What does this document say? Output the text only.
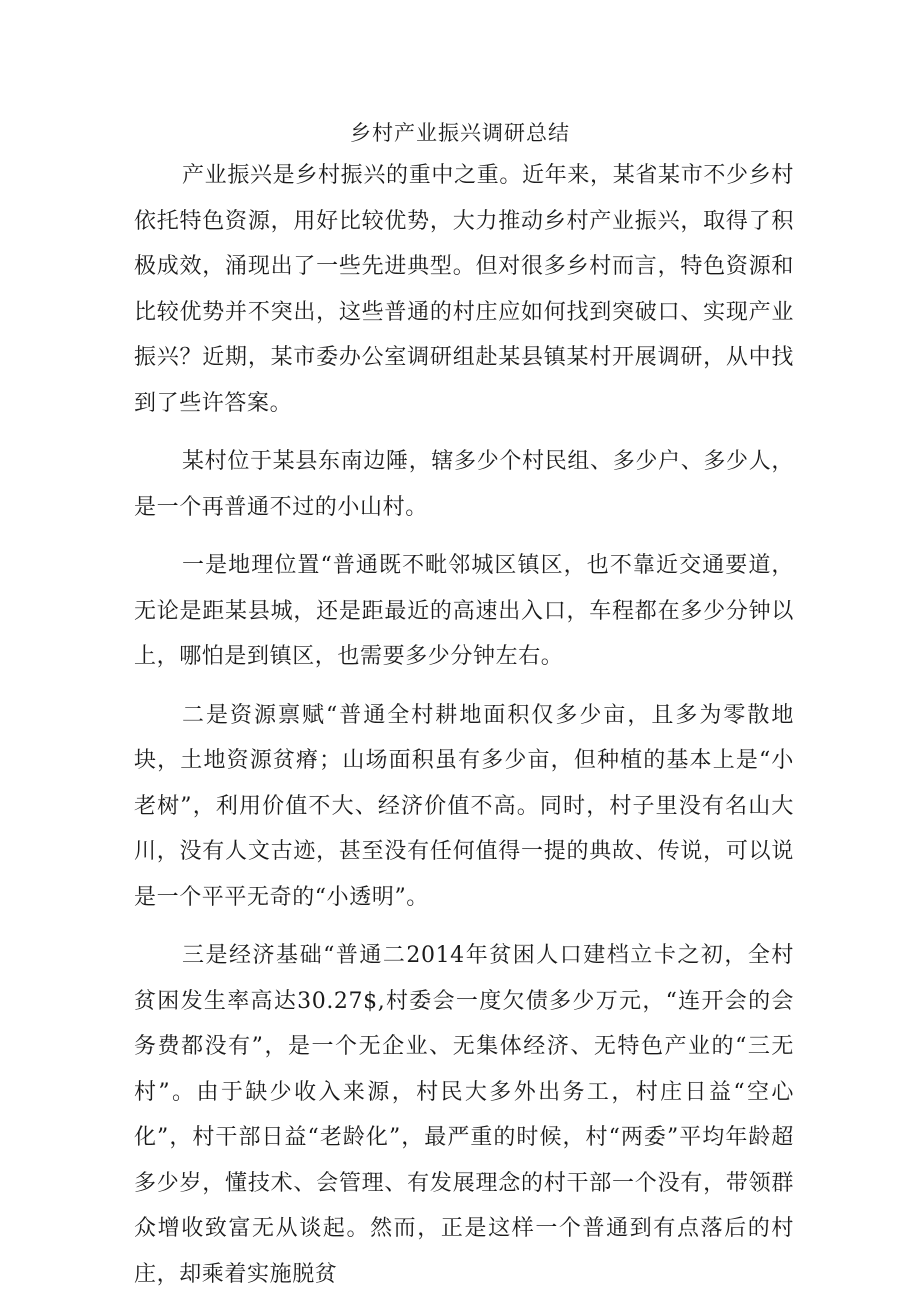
乡村产业振兴调研总结

产业振兴是乡村振兴的重中之重。近年来，某省某市不少乡村依托特色资源，用好比较优势，大力推动乡村产业振兴，取得了积极成效，涌现出了一些先进典型。但对很多乡村而言，特色资源和比较优势并不突出，这些普通的村庄应如何找到突破口、实现产业振兴？近期，某市委办公室调研组赴某县镇某村开展调研，从中找到了些许答案。

某村位于某县东南边陲，辖多少个村民组、多少户、多少人，是一个再普通不过的小山村。

一是地理位置“普通既不毗邻城区镇区，也不靠近交通要道，无论是距某县城，还是距最近的高速出入口，车程都在多少分钟以上，哪怕是到镇区，也需要多少分钟左右。

二是资源禀赋“普通全村耕地面积仅多少亩，且多为零散地块，土地资源贫瘠；山场面积虽有多少亩，但种植的基本上是“小老树”，利用价值不大、经济价值不高。同时，村子里没有名山大川，没有人文古迹，甚至没有任何值得一提的典故、传说，可以说是一个平平无奇的“小透明”。

三是经济基础“普通二2014年贫困人口建档立卡之初，全村贫困发生率高达30.27$,村委会一度欠债多少万元，“连开会的会务费都没有”，是一个无企业、无集体经济、无特色产业的“三无村”。由于缺少收入来源，村民大多外出务工，村庄日益“空心化”，村干部日益“老龄化”，最严重的时候，村“两委”平均年龄超多少岁，懂技术、会管理、有发展理念的村干部一个没有，带领群众增收致富无从谈起。然而，正是这样一个普通到有点落后的村庄，却乘着实施脱贫
